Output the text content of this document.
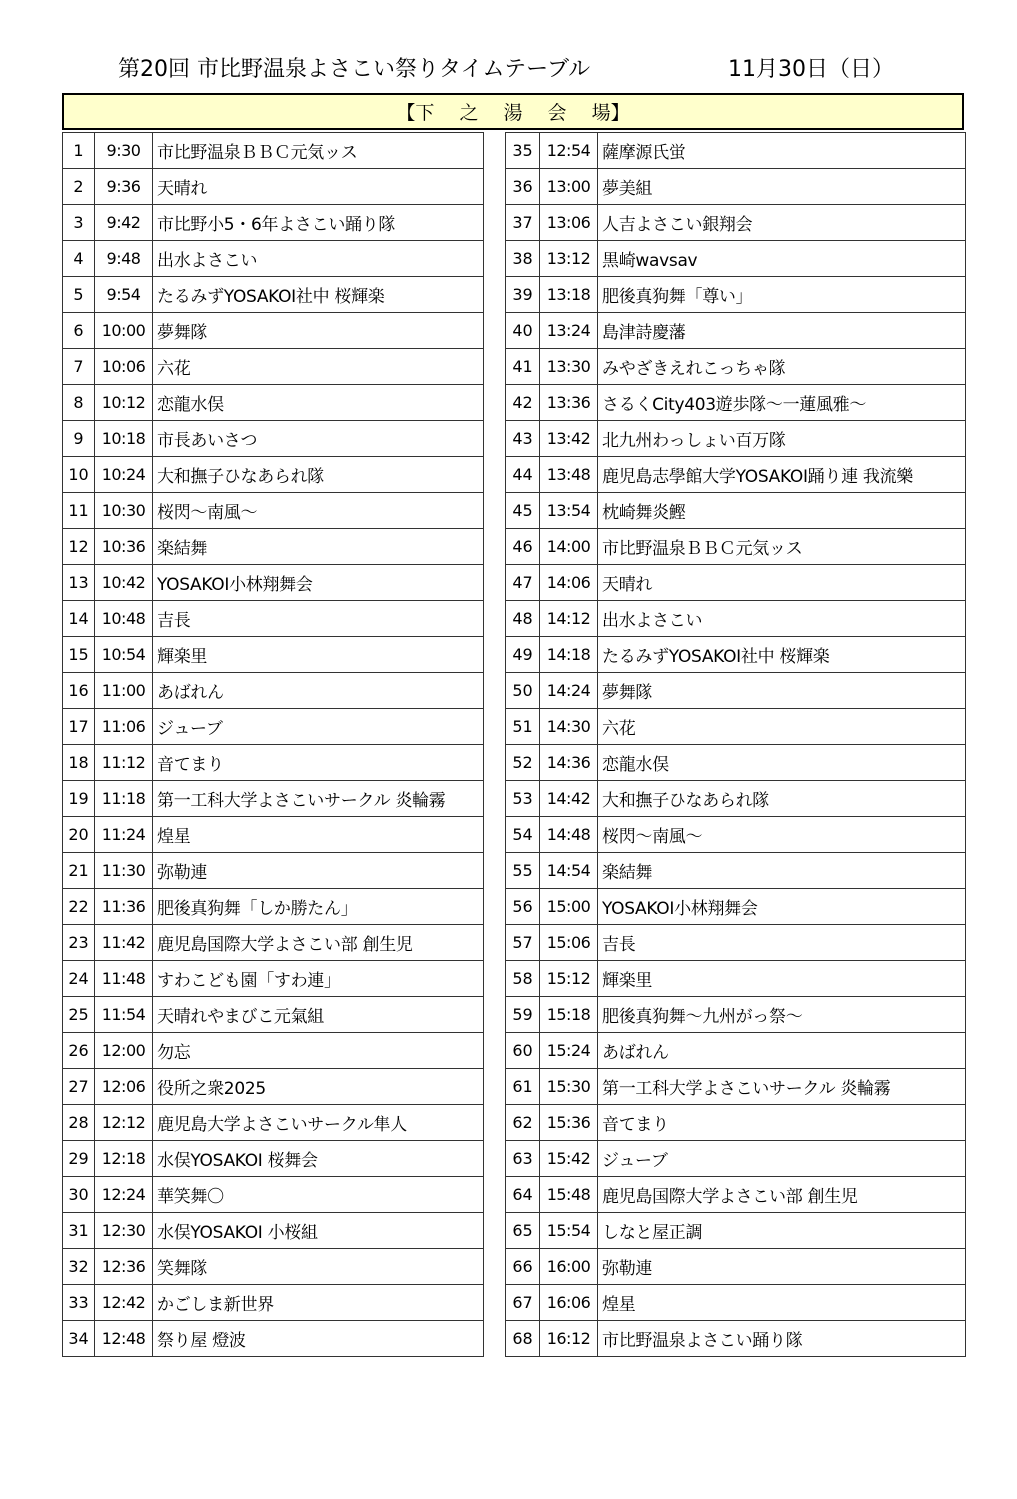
第20回 市比野温泉よさこい祭りタイムテーブル	11月30日（日）
【下　 之　 湯　 会　 場】
1	9:30	市比野温泉ＢＢＣ元気ッス
2	9:36	天晴れ
3	9:42	市比野小5・6年よさこい踊り隊
4	9:48	出水よさこい
5	9:54	たるみずYOSAKOI社中 桜輝楽
6	10:00	夢舞隊
7	10:06	六花
8	10:12	恋龍水俣
9	10:18	市長あいさつ
10	10:24	大和撫子ひなあられ隊
11	10:30	桜閃～南風～
12	10:36	楽結舞
13	10:42	YOSAKOI小林翔舞会
14	10:48	吉長
15	10:54	輝楽里
16	11:00	あばれん
17	11:06	ジューブ
18	11:12	音てまり
19	11:18	第一工科大学よさこいサークル 炎輪霧
20	11:24	煌星
21	11:30	弥勒連
22	11:36	肥後真狗舞「しか勝たん」
23	11:42	鹿児島国際大学よさこい部 創生児
24	11:48	すわこども園「すわ連」
25	11:54	天晴れやまびこ元氣組
26	12:00	勿忘
27	12:06	役所之衆2025
28	12:12	鹿児島大学よさこいサークル隼人
29	12:18	水俣YOSAKOI 桜舞会
30	12:24	華笑舞〇
31	12:30	水俣YOSAKOI 小桜組
32	12:36	笑舞隊
33	12:42	かごしま新世界
34	12:48	祭り屋 燈波
35	12:54	薩摩源氏蛍
36	13:00	夢美組
37	13:06	人吉よさこい銀翔会
38	13:12	黒崎wavsav
39	13:18	肥後真狗舞「尊い」
40	13:24	島津詩慶藩
41	13:30	みやざきえれこっちゃ隊
42	13:36	さるくCity403遊歩隊～一蓮風雅～
43	13:42	北九州わっしょい百万隊
44	13:48	鹿児島志學館大学YOSAKOI踊り連 我流樂
45	13:54	枕崎舞炎鰹
46	14:00	市比野温泉ＢＢＣ元気ッス
47	14:06	天晴れ
48	14:12	出水よさこい
49	14:18	たるみずYOSAKOI社中 桜輝楽
50	14:24	夢舞隊
51	14:30	六花
52	14:36	恋龍水俣
53	14:42	大和撫子ひなあられ隊
54	14:48	桜閃～南風～
55	14:54	楽結舞
56	15:00	YOSAKOI小林翔舞会
57	15:06	吉長
58	15:12	輝楽里
59	15:18	肥後真狗舞～九州がっ祭～
60	15:24	あばれん
61	15:30	第一工科大学よさこいサークル 炎輪霧
62	15:36	音てまり
63	15:42	ジューブ
64	15:48	鹿児島国際大学よさこい部 創生児
65	15:54	しなと屋正調
66	16:00	弥勒連
67	16:06	煌星
68	16:12	市比野温泉よさこい踊り隊
